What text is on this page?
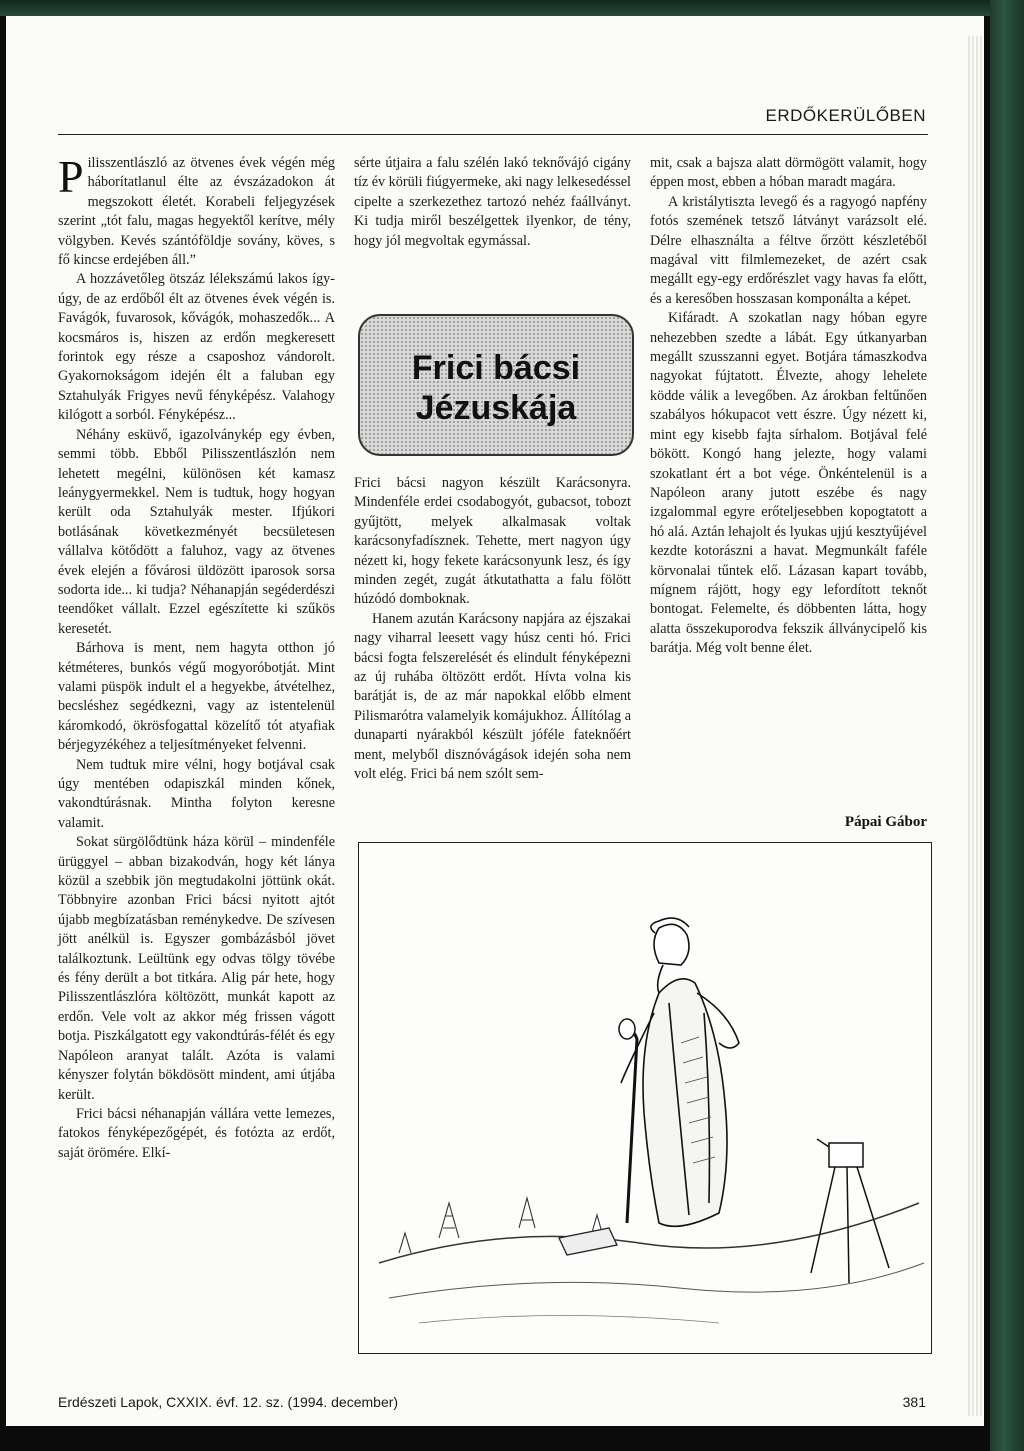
ERDŐKERÜLŐBEN

Pilisszentlászló az ötvenes évek végén még háborítatlanul élte az évszázadokon át megszokott életét. Korabeli feljegyzések szerint „tót falu, magas hegyektől kerítve, mély völgyben. Kevés szántóföldje sovány, köves, s fő kincse erdejében áll.”

A hozzávetőleg ötszáz lélekszámú lakos így-úgy, de az erdőből élt az ötvenes évek végén is. Favágók, fuvarosok, kővágók, mohaszedők... A kocsmáros is, hiszen az erdőn megkeresett forintok egy része a csaposhoz vándorolt. Gyakornokságom idején élt a faluban egy Sztahulyák Frigyes nevű fényképész. Valahogy kilógott a sorból. Fényképész...

Néhány esküvő, igazolványkép egy évben, semmi több. Ebből Pilisszentlászlón nem lehetett megélni, különösen két kamasz leánygyermekkel. Nem is tudtuk, hogy hogyan került oda Sztahulyák mester. Ifjúkori botlásának következményét becsületesen vállalva kötődött a faluhoz, vagy az ötvenes évek elején a fővárosi üldözött iparosok sorsa sodorta ide... ki tudja? Néhanapján segéderdészi teendőket vállalt. Ezzel egészítette ki szűkös keresetét.

Bárhova is ment, nem hagyta otthon jó kétméteres, bunkós végű mogyoróbotját. Mint valami püspök indult el a hegyekbe, átvételhez, becsléshez segédkezni, vagy az istentelenül káromkodó, ökrösfogattal közelítő tót atyafiak bérjegyzékéhez a teljesítményeket felvenni.

Nem tudtuk mire vélni, hogy botjával csak úgy mentében odapiszkál minden kőnek, vakondtúrásnak. Mintha folyton keresne valamit.

Sokat sürgölődtünk háza körül – mindenféle ürüggyel – abban bizakodván, hogy két lánya közül a szebbik jön megtudakolni jöttünk okát. Többnyire azonban Frici bácsi nyitott ajtót újabb megbízatásban reménykedve. De szívesen jött anélkül is. Egyszer gombázásból jövet találkoztunk. Leültünk egy odvas tölgy tövébe és fény derült a bot titkára. Alig pár hete, hogy Pilisszentlászlóra költözött, munkát kapott az erdőn. Vele volt az akkor még frissen vágott botja. Piszkálgatott egy vakondtúrás-félét és egy Napóleon aranyat talált. Azóta is valami kényszer folytán bökdösött mindent, ami útjába került.

Frici bácsi néhanapján vállára vette lemezes, fatokos fényképezőgépét, és fotózta az erdőt, saját örömére. Elkí-

sérte útjaira a falu szélén lakó teknővájó cigány tíz év körüli fiúgyermeke, aki nagy lelkesedéssel cipelte a szerkezethez tartozó nehéz faállványt. Ki tudja miről beszélgettek ilyenkor, de tény, hogy jól megvoltak egymással.

Frici bácsi
Jézuskája

Frici bácsi nagyon készült Karácsonyra. Mindenféle erdei csodabogyót, gubacsot, tobozt gyűjtött, melyek alkalmasak voltak karácsonyfadísznek. Tehette, mert nagyon úgy nézett ki, hogy fekete karácsonyunk lesz, és így minden zegét, zugát átkutathatta a falu fölött húzódó domboknak.

Hanem azután Karácsony napjára az éjszakai nagy viharral leesett vagy húsz centi hó. Frici bácsi fogta felszerelését és elindult fényképezni az új ruhába öltözött erdőt. Hívta volna kis barátját is, de az már napokkal előbb elment Pilismarótra valamelyik komájukhoz. Állítólag a dunaparti nyárakból készült jóféle fateknőért ment, melyből disznóvágások idején soha nem volt elég. Frici bá nem szólt sem-

mit, csak a bajsza alatt dörmögött valamit, hogy éppen most, ebben a hóban maradt magára.

A kristálytiszta levegő és a ragyogó napfény fotós szemének tetsző látványt varázsolt elé. Délre elhasználta a féltve őrzött készletéből magával vitt filmlemezeket, de azért csak megállt egy-egy erdőrészlet vagy havas fa előtt, és a keresőben hosszasan komponálta a képet.

Kifáradt. A szokatlan nagy hóban egyre nehezebben szedte a lábát. Egy útkanyarban megállt szusszanni egyet. Botjára támaszkodva nagyokat fújtatott. Élvezte, ahogy lehelete ködde válik a levegőben. Az árokban feltűnően szabályos hókupacot vett észre. Úgy nézett ki, mint egy kisebb fajta sírhalom. Botjával felé bökött. Kongó hang jelezte, hogy valami szokatlant ért a bot vége. Önkéntelenül is a Napóleon arany jutott eszébe és nagy izgalommal egyre erőteljesebben kopogtatott a hó alá. Aztán lehajolt és lyukas ujjú kesztyűjével kezdte kotorászni a havat. Megmunkált faféle körvonalai tűntek elő. Lázasan kapart tovább, mígnem rájött, hogy egy lefordított teknőt bontogat. Felemelte, és döbbenten látta, hogy alatta összekuporodva fekszik állványcipelő kis barátja. Még volt benne élet.

Pápai Gábor
Erdészeti Lapok, CXXIX. évf. 12. sz. (1994. december)	381
